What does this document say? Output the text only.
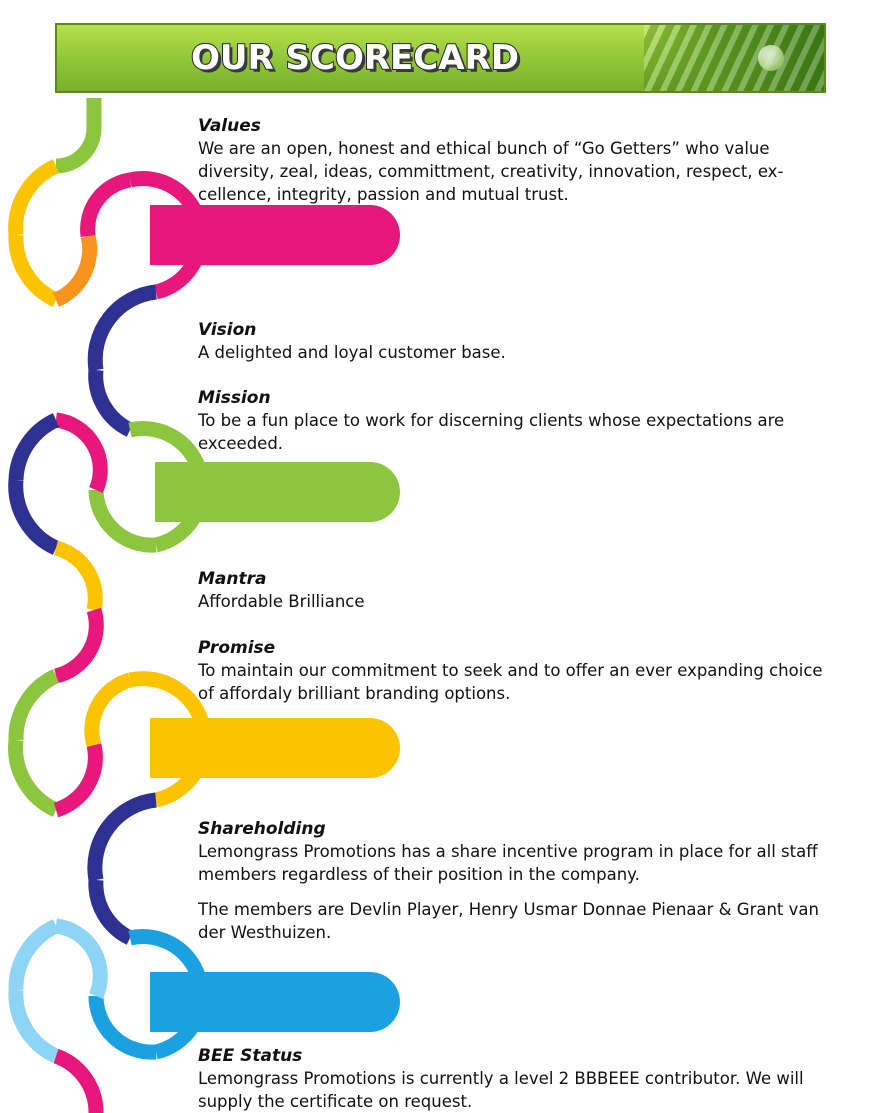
OUR SCORECARD
Values

We are an open, honest and ethical bunch of “Go Getters” who value diversity, zeal, ideas, committment, creativity, innovation, respect, ex-cellence, integrity, passion and mutual trust.

Vision

A delighted and loyal customer base.

Mission

To be a fun place to work for discerning clients whose expectations are exceeded.

Mantra

Affordable Brilliance

Promise

To maintain our commitment to seek and to offer an ever expanding choice of affordaly brilliant branding options.

Shareholding

Lemongrass Promotions has a share incentive program in place for all staff members regardless of their position in the company.

The members are Devlin Player, Henry Usmar Donnae Pienaar & Grant van der Westhuizen.

BEE Status

Lemongrass Promotions is currently a level 2 BBBEEE contributor. We will supply the certificate on request.
